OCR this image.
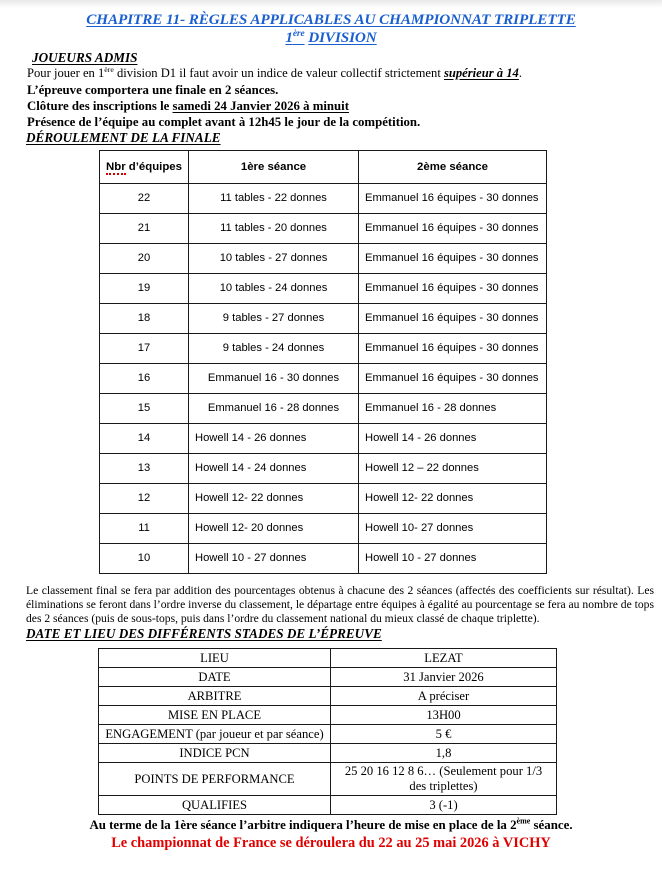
CHAPITRE 11- RÈGLES APPLICABLES AU CHAMPIONNAT TRIPLETTE
1ère DIVISION
JOUEURS ADMIS
Pour jouer en 1ère division D1 il faut avoir un indice de valeur collectif strictement supérieur à 14.
L’épreuve comportera une finale en 2 séances.
Clôture des inscriptions le samedi 24 Janvier 2026 à minuit
Présence de l’équipe au complet avant à 12h45 le jour de la compétition.
DÉROULEMENT DE LA FINALE
Nbr d’équipes	1ère séance	2ème séance
22	11 tables - 22 donnes	Emmanuel 16 équipes - 30 donnes
21	11 tables - 20 donnes	Emmanuel 16 équipes - 30 donnes
20	10 tables - 27 donnes	Emmanuel 16 équipes - 30 donnes
19	10 tables - 24 donnes	Emmanuel 16 équipes - 30 donnes
18	9 tables - 27 donnes	Emmanuel 16 équipes - 30 donnes
17	9 tables - 24 donnes	Emmanuel 16 équipes - 30 donnes
16	Emmanuel 16 - 30 donnes	Emmanuel 16 équipes - 30 donnes
15	Emmanuel 16 - 28 donnes	Emmanuel 16 - 28 donnes
14	Howell 14 - 26 donnes	Howell 14 - 26 donnes
13	Howell 14 - 24 donnes	Howell 12 – 22 donnes
12	Howell 12- 22 donnes	Howell 12- 22 donnes
11	Howell 12- 20 donnes	Howell 10- 27 donnes
10	Howell 10 - 27 donnes	Howell 10 - 27 donnes
Le classement final se fera par addition des pourcentages obtenus à chacune des 2 séances (affectés des coefficients sur résultat). Les éliminations se feront dans l’ordre inverse du classement, le départage entre équipes à égalité au pourcentage se fera au nombre de tops des 2 séances (puis de sous-tops, puis dans l’ordre du classement national du mieux classé de chaque triplette).
DATE ET LIEU DES DIFFÉRENTS STADES DE L’ÉPREUVE
LIEU	LEZAT
DATE	31 Janvier 2026
ARBITRE	A préciser
MISE EN PLACE	13H00
ENGAGEMENT (par joueur et par séance)	5 €
INDICE PCN	1,8
POINTS DE PERFORMANCE	25 20 16 12 8 6… (Seulement pour 1/3 des triplettes)
QUALIFIES	3 (-1)
Au terme de la 1ère séance l’arbitre indiquera l’heure de mise en place de la 2ème séance.
Le championnat de France se déroulera du 22 au 25 mai 2026 à VICHY
